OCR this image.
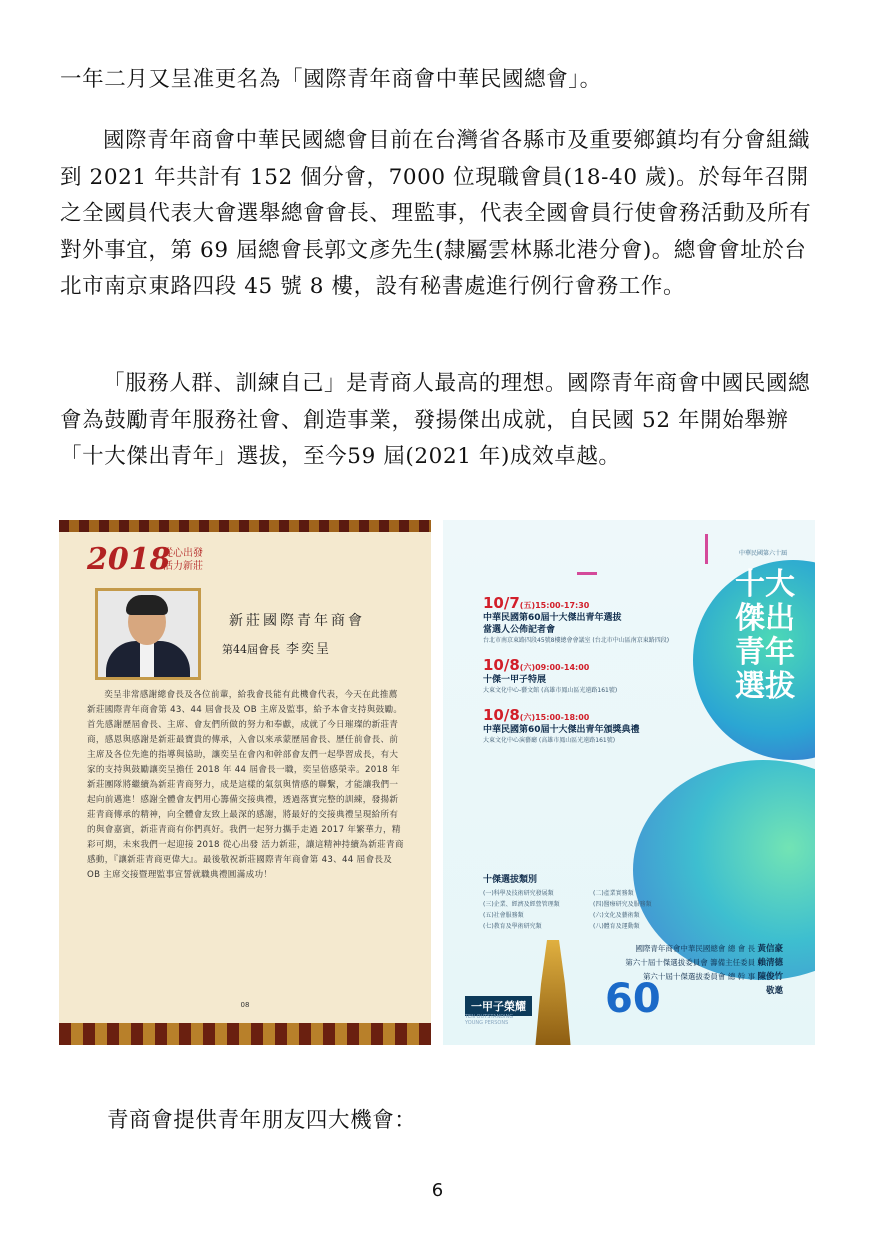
一年二月又呈准更名為「國際青年商會中華民國總會」。

國際青年商會中華民國總會目前在台灣省各縣市及重要鄉鎮均有分會組織到 2021 年共計有 152 個分會，7000 位現職會員(18-40 歲)。於每年召開之全國員代表大會選舉總會會長、理監事，代表全國會員行使會務活動及所有對外事宜，第 69 屆總會長郭文彥先生(隸屬雲林縣北港分會)。總會會址於台北市南京東路四段 45 號 8 樓，設有秘書處進行例行會務工作。

「服務人群、訓練自己」是青商人最高的理想。國際青年商會中國民國總會為鼓勵青年服務社會、創造事業，發揚傑出成就，自民國 52 年開始舉辦「十大傑出青年」選拔，至今59 屆(2021 年)成效卓越。

2018
從心出發
活力新莊
新莊國際青年商會
第44屆會長 李奕呈

奕呈非常感謝總會長及各位前輩，給我會長能有此機會代表，今天在此推薦新莊國際青年商會第 43、44 屆會長及 OB 主席及監事，給予本會支持與鼓勵。首先感謝歷屆會長、主席、會友們所做的努力和奉獻，成就了今日璀璨的新莊青商，感恩與感謝是新莊最寶貴的傳承，入會以來承蒙歷屆會長、歷任前會長、前主席及各位先進的指導與協助，讓奕呈在會內和幹部會友們一起學習成長，有大家的支持與鼓勵讓奕呈擔任 2018 年 44 屆會長一職，奕呈倍感榮幸。2018 年新莊團隊將繼續為新莊青商努力，成是這樣的氣氛與情感的聯繫，才能讓我們一起向前邁進！感謝全體會友們用心籌備交接典禮，透過落實完整的訓練，發揚新莊青商傳承的精神，向全體會友致上最深的感謝，將最好的交接典禮呈現給所有的與會嘉賓，新莊青商有你們真好。我們一起努力攜手走過 2017 年繁華力，精彩可期，未來我們一起迎接 2018 從心出發 活力新莊，讓這精神持續為新莊青商感動，『讓新莊青商更偉大』。最後敬祝新莊國際青年商會第 43、44 屆會長及 OB 主席交接暨理監事宣誓就職典禮圓滿成功！

08
中華民國第六十屆
十大傑出青年選拔
10/7(五)15:00-17:30
中華民國第60屆十大傑出青年選拔
當選人公佈記者會
台北市南京東路四段45號8樓總會會議室 (台北市中山區南京東路四段)
10/8(六)09:00-14:00
十傑一甲子特展
大東文化中心-藝文館 (高雄市鳳山區光遠路161號)
10/8(六)15:00-18:00
中華民國第60屆十大傑出青年頒獎典禮
大東文化中心演藝廳 (高雄市鳳山區光遠路161號)
十傑選拔類別
(一)科學及技術研究發展類	(二)產業實務類
(三)企業、經濟及經營管理類	(四)醫療研究及服務類
(五)社會服務類	(六)文化及藝術類
(七)教育及學術研究類	(八)體育及運動類
國際青年商會中華民國總會 總 會 長 黃信豪
第六十屆十傑選拔委員會 籌備主任委員 賴清德
第六十屆十傑選拔委員會 總 幹 事 陳俊竹
敬邀
一甲子榮耀
TEN OUTSTANDING
YOUNG PERSONS
60

青商會提供青年朋友四大機會：

6
